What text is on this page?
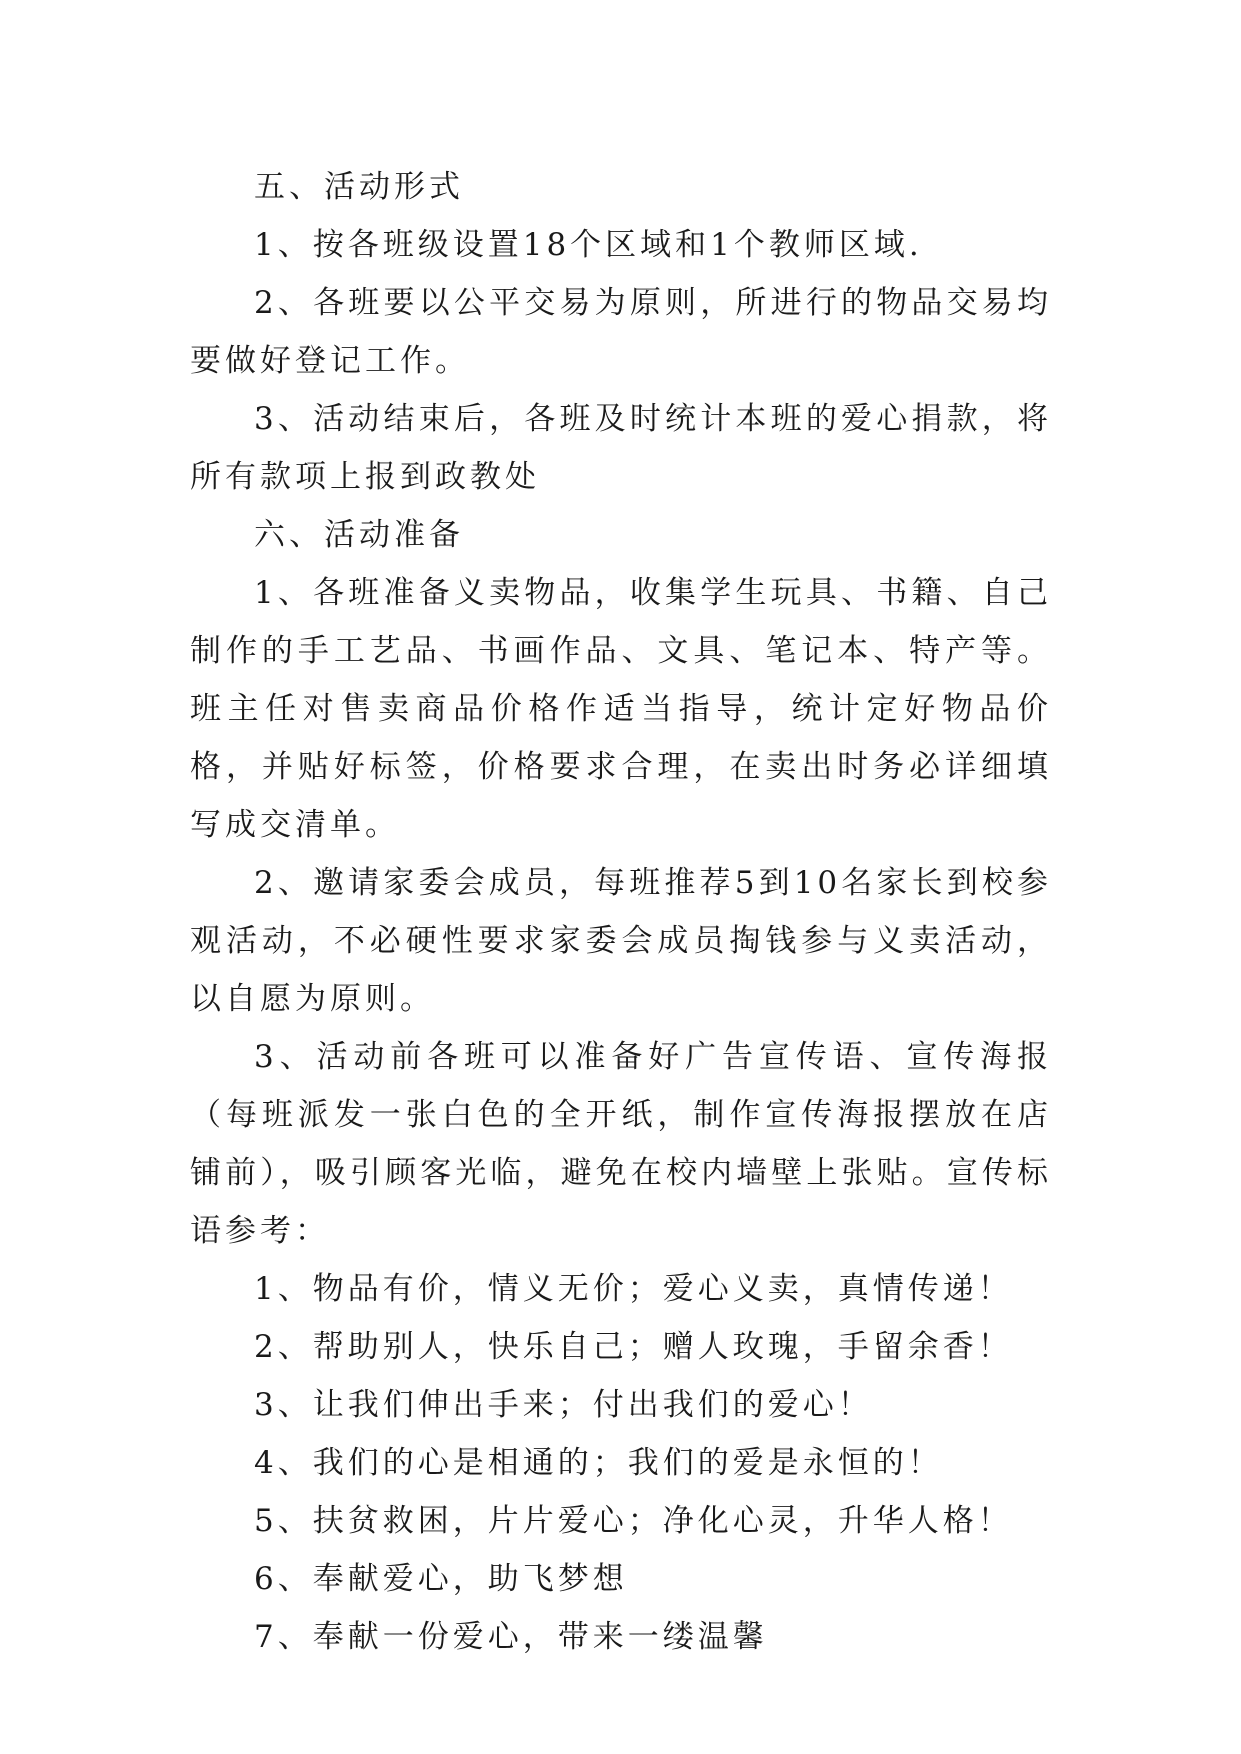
五、活动形式

1、按各班级设置18个区域和1个教师区域.

2、各班要以公平交易为原则，所进行的物品交易均要做好登记工作。

3、活动结束后，各班及时统计本班的爱心捐款，将所有款项上报到政教处

六、活动准备

1、各班准备义卖物品，收集学生玩具、书籍、自己制作的手工艺品、书画作品、文具、笔记本、特产等。班主任对售卖商品价格作适当指导，统计定好物品价格，并贴好标签，价格要求合理，在卖出时务必详细填写成交清单。

2、邀请家委会成员，每班推荐5到10名家长到校参观活动，不必硬性要求家委会成员掏钱参与义卖活动，以自愿为原则。

3、活动前各班可以准备好广告宣传语、宣传海报（每班派发一张白色的全开纸，制作宣传海报摆放在店铺前），吸引顾客光临，避免在校内墙壁上张贴。宣传标语参考：

1、物品有价，情义无价；爱心义卖，真情传递！

2、帮助别人，快乐自己；赠人玫瑰，手留余香！

3、让我们伸出手来；付出我们的爱心！

4、我们的心是相通的；我们的爱是永恒的！

5、扶贫救困，片片爱心；净化心灵，升华人格！

6、奉献爱心，助飞梦想

7、奉献一份爱心，带来一缕温馨
